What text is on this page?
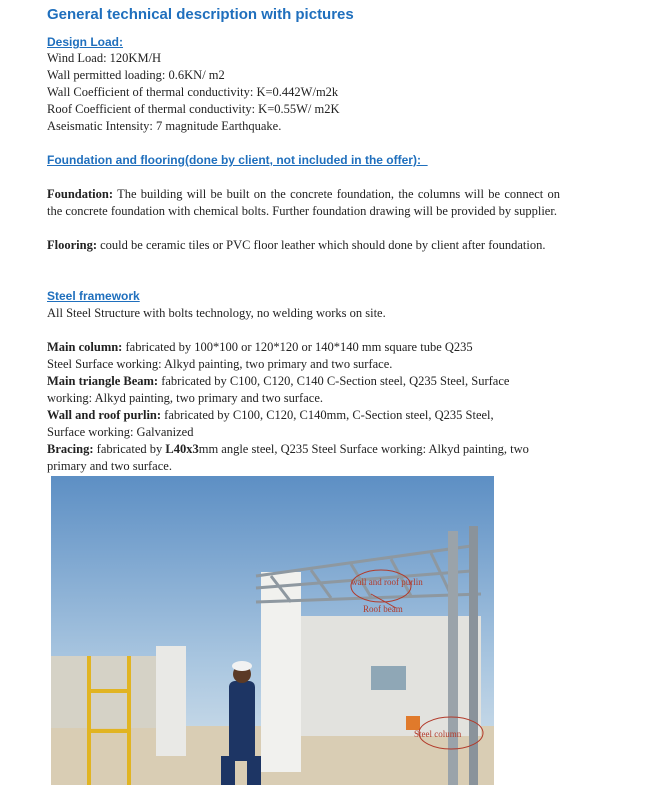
General technical description with pictures
Design Load:
Wind Load: 120KM/H
Wall permitted loading: 0.6KN/ m2
Wall Coefficient of thermal conductivity: K=0.442W/m2k
Roof Coefficient of thermal conductivity: K=0.55W/ m2K
Aseismatic Intensity: 7 magnitude Earthquake.
Foundation and flooring(done by client, not included in the offer):
Foundation: The building will be built on the concrete foundation, the columns will be connect on the concrete foundation with chemical bolts. Further foundation drawing will be provided by supplier.
Flooring: could be ceramic tiles or PVC floor leather which should done by client after foundation.
Steel framework
All Steel Structure with bolts technology, no welding works on site.
Main column: fabricated by 100*100 or 120*120 or 140*140 mm square tube Q235
Steel Surface working: Alkyd painting, two primary and two surface.
Main triangle Beam: fabricated by C100, C120, C140 C-Section steel, Q235 Steel, Surface
working: Alkyd painting, two primary and two surface.
Wall and roof purlin: fabricated by C100, C120, C140mm, C-Section steel, Q235 Steel,
Surface working: Galvanized
Bracing: fabricated by L40x3mm angle steel, Q235 Steel Surface working: Alkyd painting, two
primary and two surface.
wall and roof purlin
Roof beam
Steel column
